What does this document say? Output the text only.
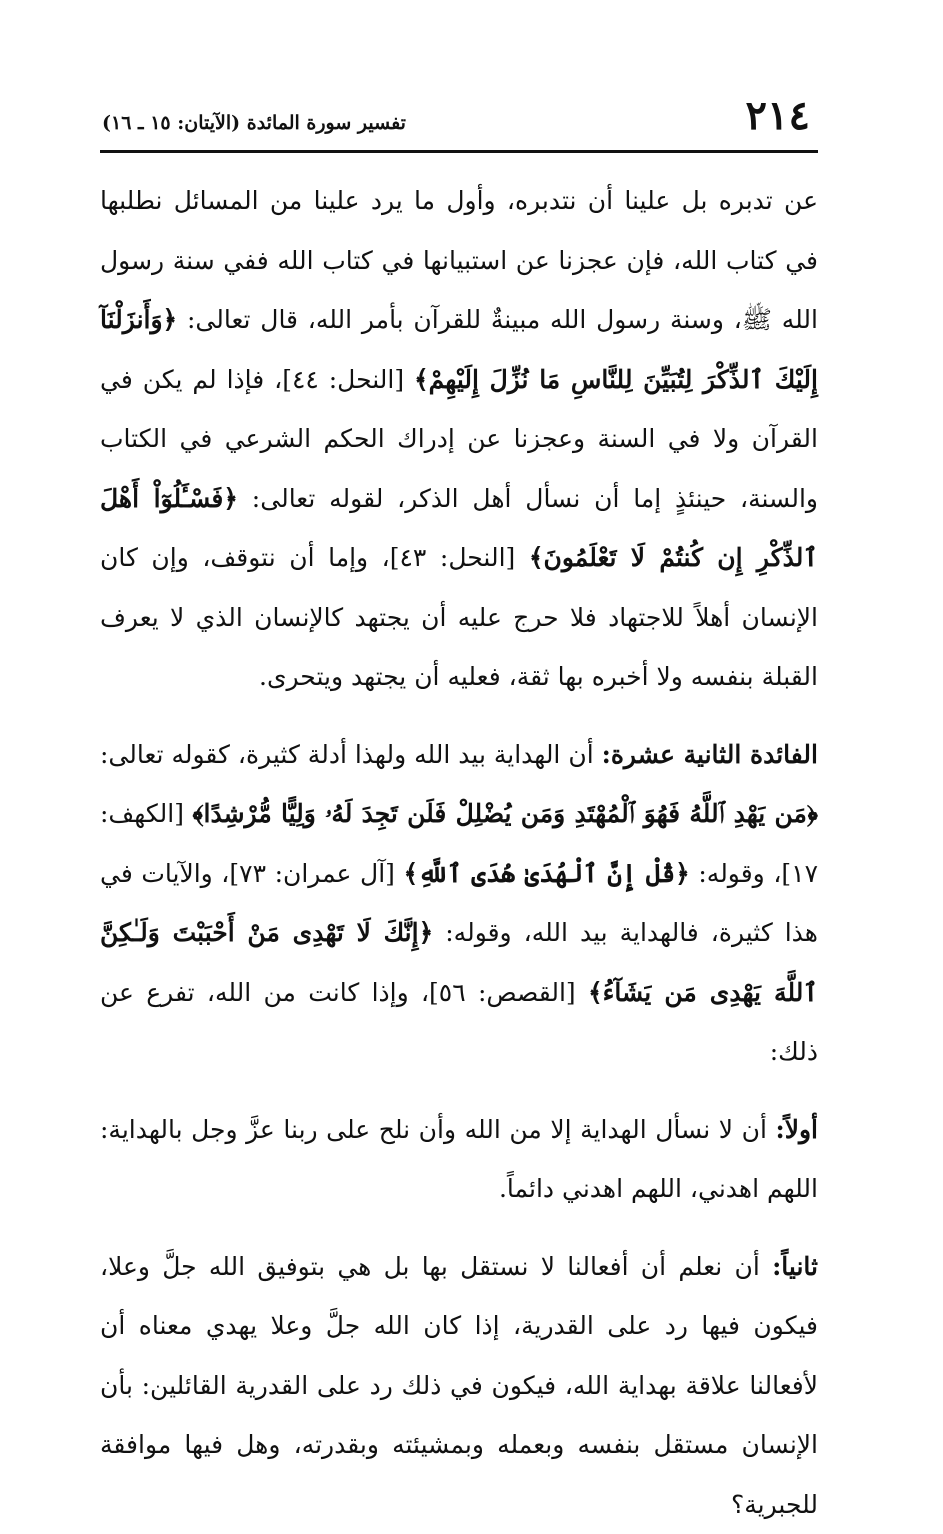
٢١٤
تفسير سورة المائدة (الآيتان: ١٥ ـ ١٦)

عن تدبره بل علينا أن نتدبره، وأول ما يرد علينا من المسائل نطلبها في كتاب الله، فإن عجزنا عن استبيانها في كتاب الله ففي سنة رسول الله ﷺ، وسنة رسول الله مبينةٌ للقرآن بأمر الله، قال تعالى: ﴿وَأَنزَلْنَآ إِلَيْكَ ٱلذِّكْرَ لِتُبَيِّنَ لِلنَّاسِ مَا نُزِّلَ إِلَيْهِمْ﴾ [النحل: ٤٤]، فإذا لم يكن في القرآن ولا في السنة وعجزنا عن إدراك الحكم الشرعي في الكتاب والسنة، حينئذٍ إما أن نسأل أهل الذكر، لقوله تعالى: ﴿فَسْـَٔلُوٓاْ أَهْلَ ٱلذِّكْرِ إِن كُنتُمْ لَا تَعْلَمُونَ﴾ [النحل: ٤٣]، وإما أن نتوقف، وإن كان الإنسان أهلاً للاجتهاد فلا حرج عليه أن يجتهد كالإنسان الذي لا يعرف القبلة بنفسه ولا أخبره بها ثقة، فعليه أن يجتهد ويتحرى.

الفائدة الثانية عشرة: أن الهداية بيد الله ولهذا أدلة كثيرة، كقوله تعالى: ﴿مَن يَهْدِ ٱللَّهُ فَهُوَ ٱلْمُهْتَدِ وَمَن يُضْلِلْ فَلَن تَجِدَ لَهُۥ وَلِيًّا مُّرْشِدًا﴾ [الكهف: ١٧]، وقوله: ﴿قُلْ إِنَّ ٱلْهُدَىٰ هُدَى ٱللَّهِ﴾ [آل عمران: ٧٣]، والآيات في هذا كثيرة، فالهداية بيد الله، وقوله: ﴿إِنَّكَ لَا تَهْدِى مَنْ أَحْبَبْتَ وَلَـٰكِنَّ ٱللَّهَ يَهْدِى مَن يَشَآءُ﴾ [القصص: ٥٦]، وإذا كانت من الله، تفرع عن ذلك:

أولاً: أن لا نسأل الهداية إلا من الله وأن نلح على ربنا عزَّ وجل بالهداية: اللهم اهدني، اللهم اهدني دائماً.

ثانياً: أن نعلم أن أفعالنا لا نستقل بها بل هي بتوفيق الله جلَّ وعلا، فيكون فيها رد على القدرية، إذا كان الله جلَّ وعلا يهدي معناه أن لأفعالنا علاقة بهداية الله، فيكون في ذلك رد على القدرية القائلين: بأن الإنسان مستقل بنفسه وبعمله وبمشيئته وبقدرته، وهل فيها موافقة للجبرية؟
